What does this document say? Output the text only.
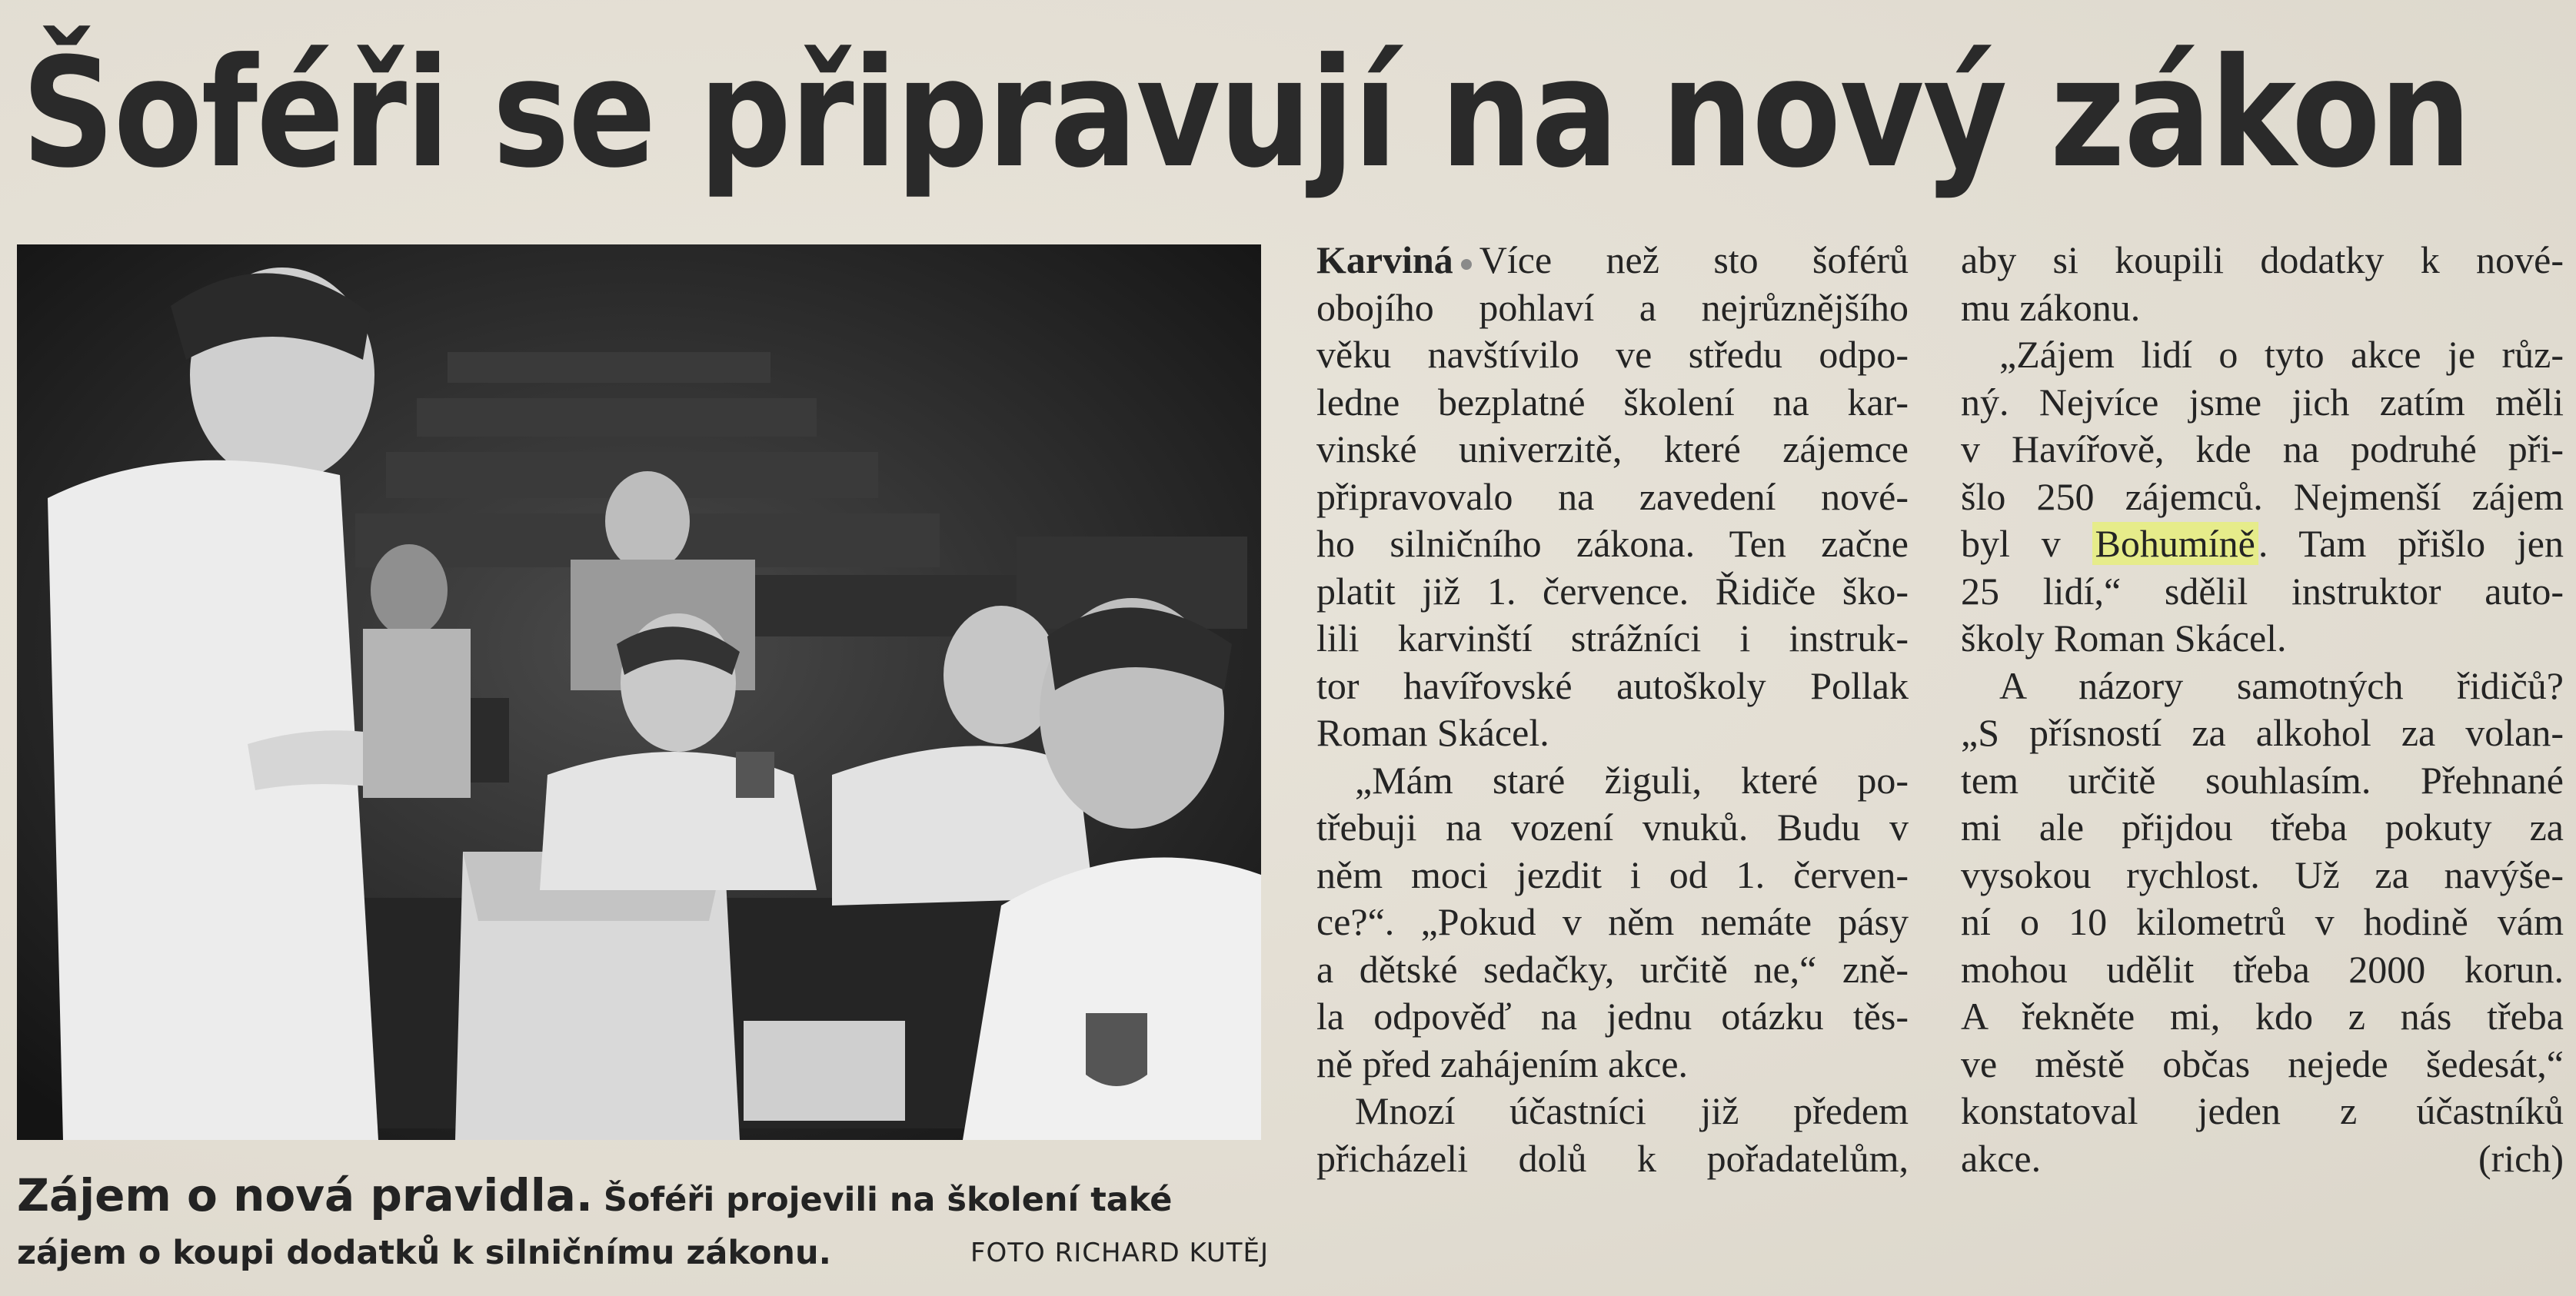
Šoféři se připravují na nový zákon
Zájem o nová pravidla. Šoféři projevili na školení také
zájem o koupi dodatků k silničnímu zákonu.	FOTO RICHARD KUTĚJ
Karviná Více než sto šoférů
obojího pohlaví a nejrůznějšího
věku navštívilo ve středu odpo-
ledne bezplatné školení na kar-
vinské univerzitě, které zájemce
připravovalo na zavedení nové-
ho silničního zákona. Ten začne
platit již 1. července. Řidiče ško-
lili karvinští strážníci i instruk-
tor havířovské autoškoly Pollak
Roman Skácel.
„Mám staré žiguli, které po-
třebuji na vození vnuků. Budu v
něm moci jezdit i od 1. červen-
ce?“. „Pokud v něm nemáte pásy
a dětské sedačky, určitě ne,“ zně-
la odpověď na jednu otázku těs-
ně před zahájením akce.
Mnozí účastníci již předem
přicházeli dolů k pořadatelům,
aby si koupili dodatky k nové-
mu zákonu.
„Zájem lidí o tyto akce je růz-
ný. Nejvíce jsme jich zatím měli
v Havířově, kde na podruhé při-
šlo 250 zájemců. Nejmenší zájem
byl v Bohumíně. Tam přišlo jen
25 lidí,“ sdělil instruktor auto-
školy Roman Skácel.
A názory samotných řidičů?
„S přísností za alkohol za volan-
tem určitě souhlasím. Přehnané
mi ale přijdou třeba pokuty za
vysokou rychlost. Už za navýše-
ní o 10 kilometrů v hodině vám
mohou udělit třeba 2000 korun.
A řekněte mi, kdo z nás třeba
ve městě občas nejede šedesát,“
konstatoval jeden z účastníků
akce.	(rich)
